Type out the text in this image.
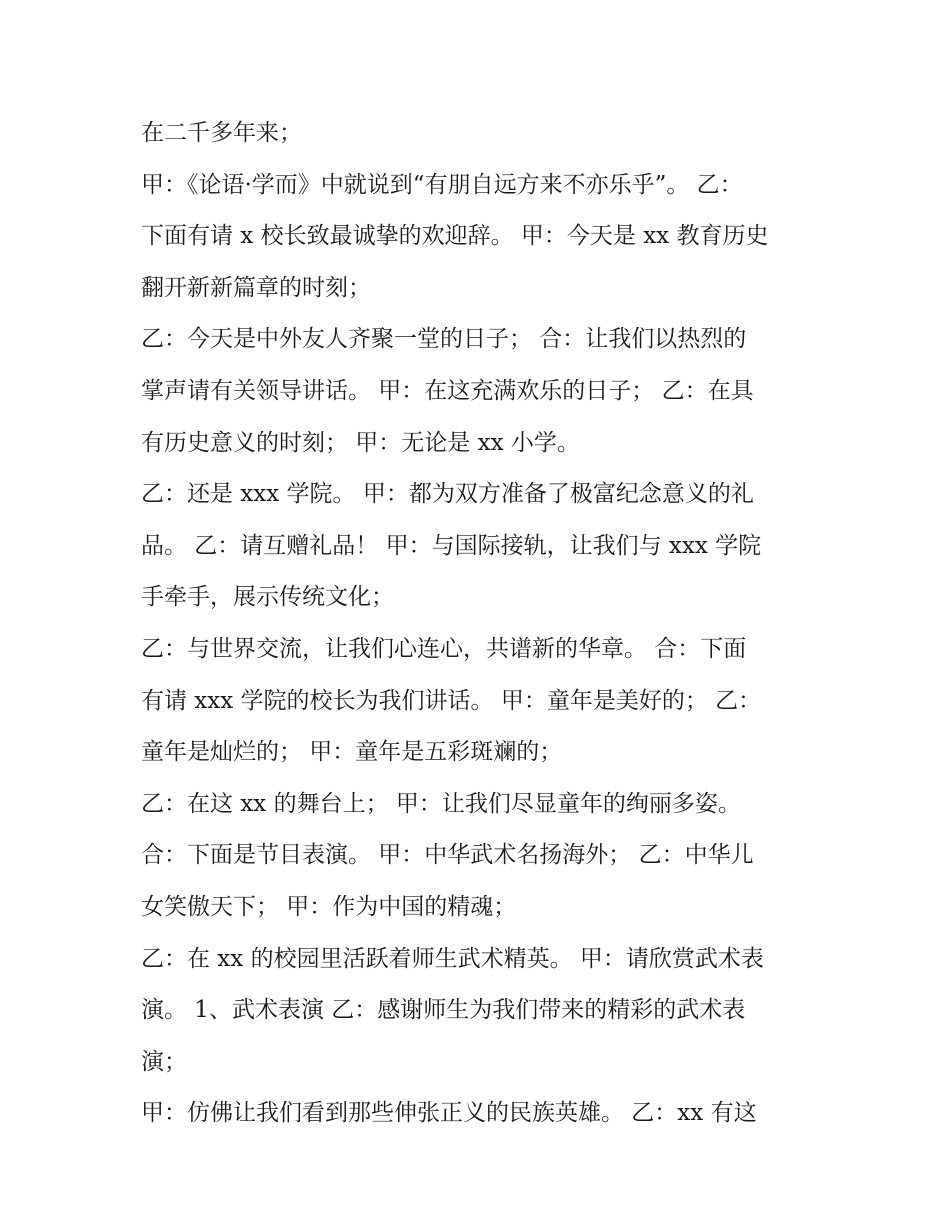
在二千多年来；
甲：《论语·学而》中就说到“有朋自远方来不亦乐乎”。 乙：
下面有请 x 校长致最诚挚的欢迎辞。 甲：今天是 xx 教育历史
翻开新新篇章的时刻；
乙：今天是中外友人齐聚一堂的日子； 合：让我们以热烈的
掌声请有关领导讲话。 甲：在这充满欢乐的日子； 乙：在具
有历史意义的时刻； 甲：无论是 xx 小学。
乙：还是 xxx 学院。 甲：都为双方准备了极富纪念意义的礼
品。 乙：请互赠礼品！ 甲：与国际接轨，让我们与 xxx 学院
手牵手，展示传统文化；
乙：与世界交流，让我们心连心，共谱新的华章。 合：下面
有请 xxx 学院的校长为我们讲话。 甲：童年是美好的； 乙：
童年是灿烂的； 甲：童年是五彩斑斓的；
乙：在这 xx 的舞台上； 甲：让我们尽显童年的绚丽多姿。
合：下面是节目表演。 甲：中华武术名扬海外； 乙：中华儿
女笑傲天下； 甲：作为中国的精魂；
乙：在 xx 的校园里活跃着师生武术精英。 甲：请欣赏武术表
演。 1、武术表演 乙：感谢师生为我们带来的精彩的武术表
演；
甲：仿佛让我们看到那些伸张正义的民族英雄。 乙：xx 有这
